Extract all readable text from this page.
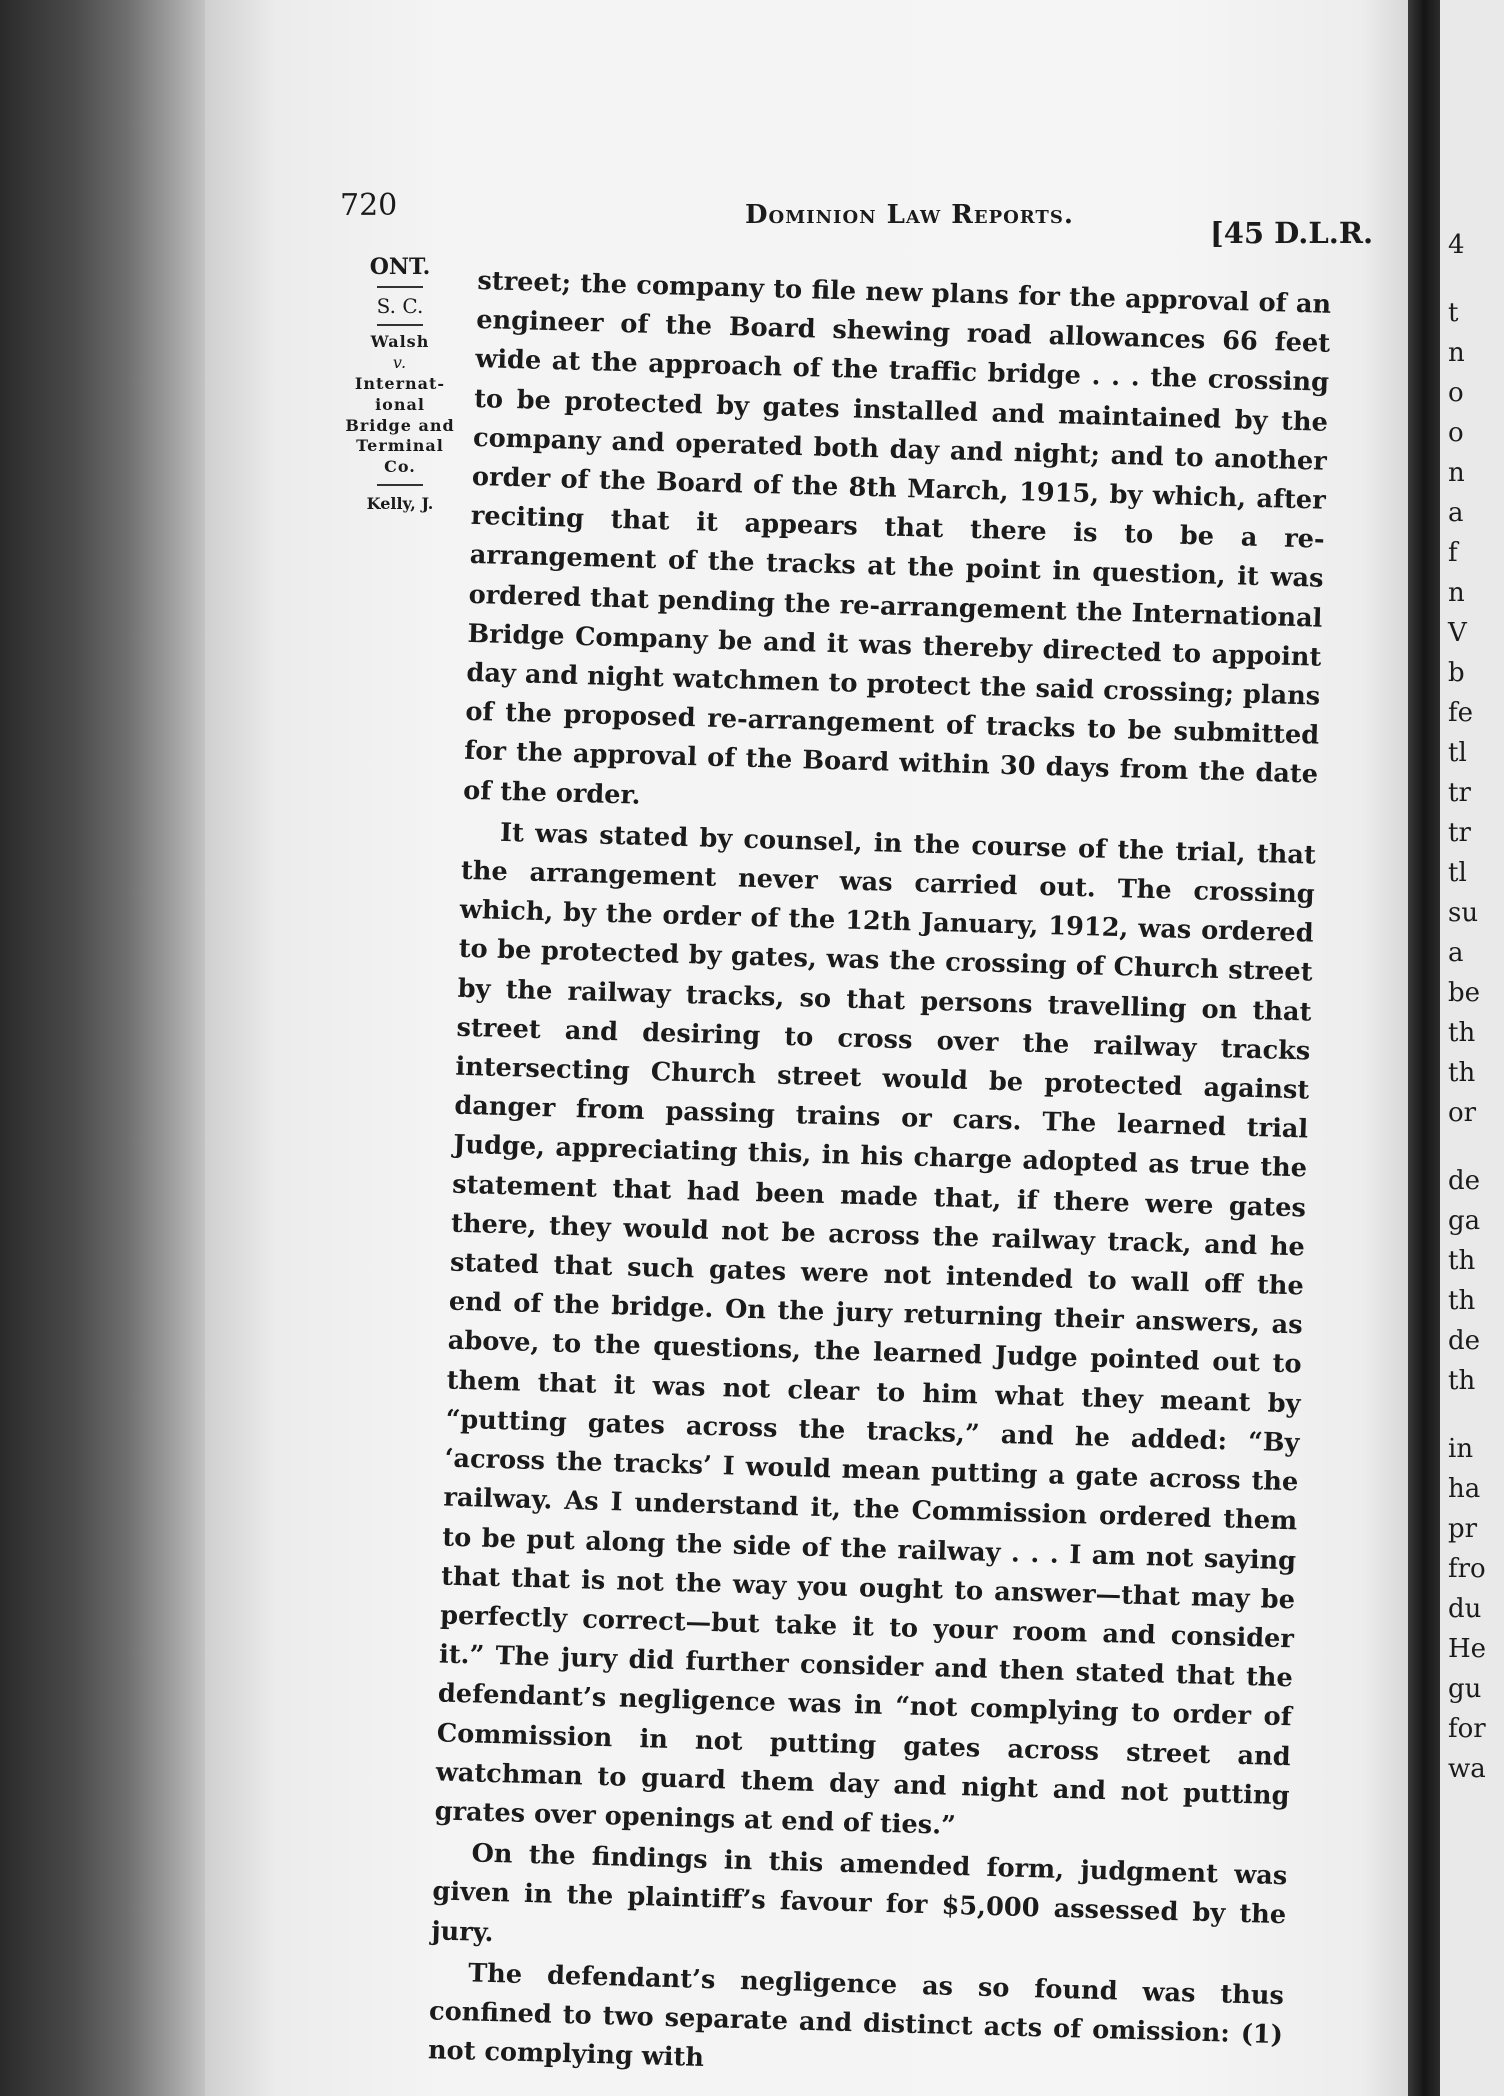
720	Dominion Law Reports.
[45 D.L.R.
ONT.
S. C.
Walsh
v.
Internat-
ional
Bridge and
Terminal
Co.
Kelly, J.

street; the company to file new plans for the approval of an engineer of the Board shewing road allowances 66 feet wide at the approach of the traffic bridge . . . the crossing to be protected by gates installed and maintained by the company and operated both day and night; and to another order of the Board of the 8th March, 1915, by which, after reciting that it appears that there is to be a re-arrangement of the tracks at the point in question, it was ordered that pending the re-arrangement the International Bridge Company be and it was thereby directed to appoint day and night watchmen to protect the said crossing; plans of the proposed re-arrangement of tracks to be submitted for the approval of the Board within 30 days from the date of the order.

It was stated by counsel, in the course of the trial, that the arrangement never was carried out. The crossing which, by the order of the 12th January, 1912, was ordered to be protected by gates, was the crossing of Church street by the railway tracks, so that persons travelling on that street and desiring to cross over the railway tracks intersecting Church street would be protected against danger from passing trains or cars. The learned trial Judge, appreciating this, in his charge adopted as true the statement that had been made that, if there were gates there, they would not be across the railway track, and he stated that such gates were not intended to wall off the end of the bridge. On the jury returning their answers, as above, to the questions, the learned Judge pointed out to them that it was not clear to him what they meant by “putting gates across the tracks,” and he added: “By ‘across the tracks’ I would mean putting a gate across the railway. As I understand it, the Commission ordered them to be put along the side of the railway . . . I am not saying that that is not the way you ought to answer—that may be perfectly correct—but take it to your room and consider it.” The jury did further consider and then stated that the defendant’s negligence was in “not complying to order of Commission in not putting gates across street and watchman to guard them day and night and not putting grates over openings at end of ties.”

On the findings in this amended form, judgment was given in the plaintiff’s favour for $5,000 assessed by the jury.

The defendant’s negligence as so found was thus confined to two separate and distinct acts of omission: (1) not complying with

4
t
n
o
o
n
a
f
n
V
b
fe
tl
tr
tr
tl
su
a
be
th
th
or
de
ga
th
th
de
th
in
ha
pr
fro
du
He
gu
for
wa
